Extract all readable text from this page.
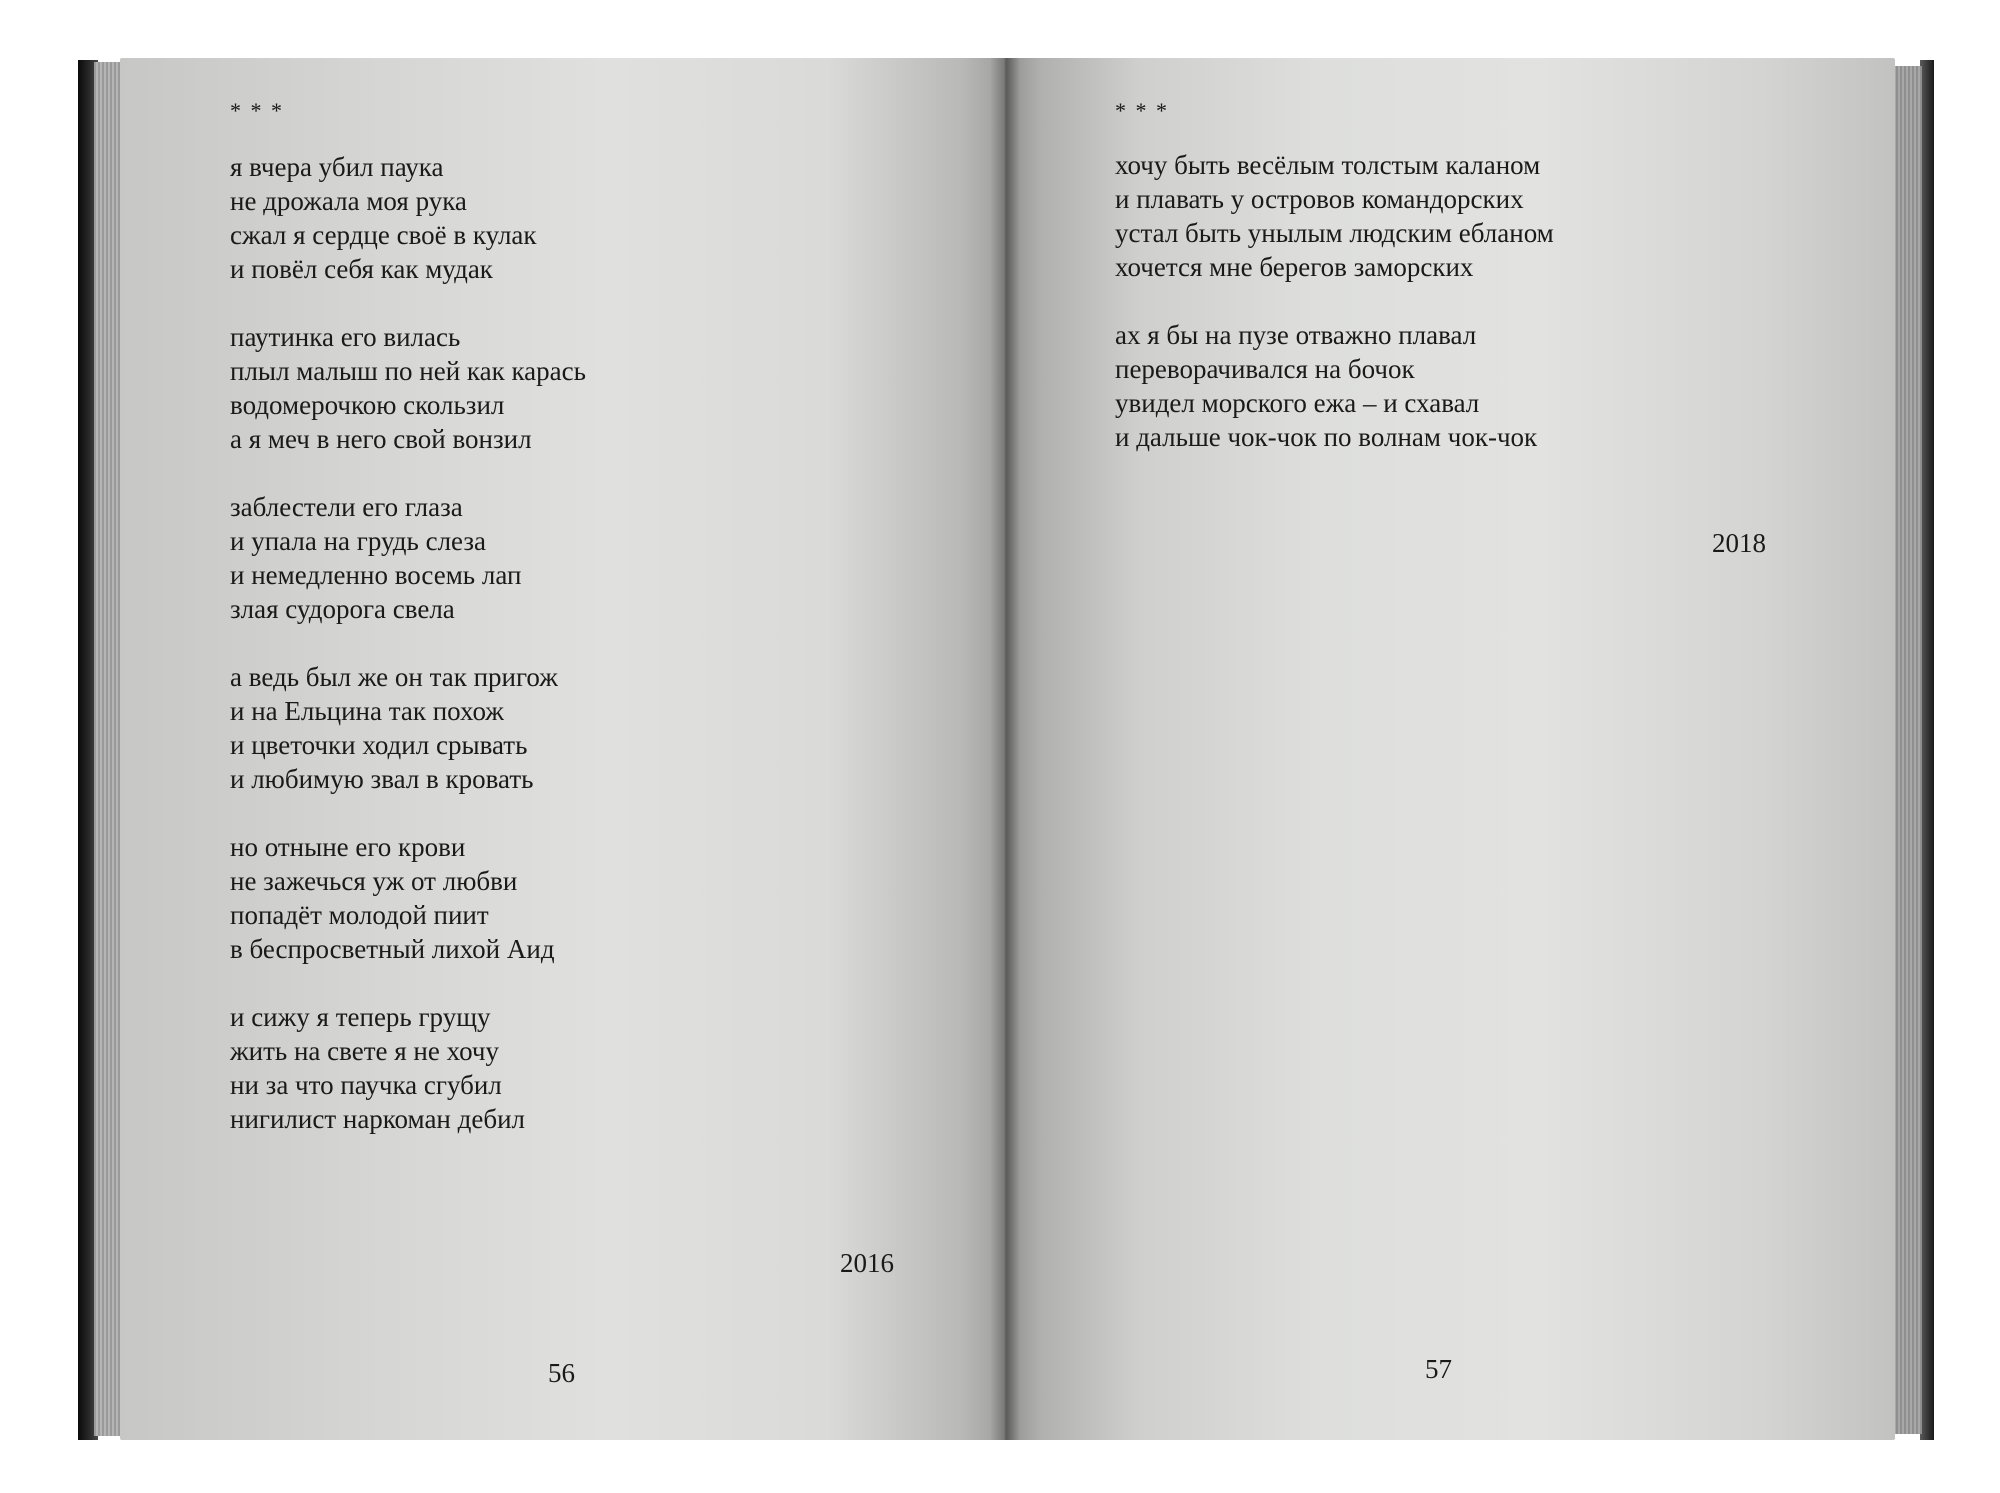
* * *
я вчера убил паука
не дрожала моя рука
сжал я сердце своё в кулак
и повёл себя как мудак
паутинка его вилась
плыл малыш по ней как карась
водомерочкою скользил
а я меч в него свой вонзил
заблестели его глаза
и упала на грудь слеза
и немедленно восемь лап
злая судорога свела
а ведь был же он так пригож
и на Ельцина так похож
и цветочки ходил срывать
и любимую звал в кровать
но отныне его крови
не зажечься уж от любви
попадёт молодой пиит
в беспросветный лихой Аид
и сижу я теперь грущу
жить на свете я не хочу
ни за что паучка сгубил
нигилист наркоман дебил
2016
56
* * *
хочу быть весёлым толстым каланом
и плавать у островов командорских
устал быть унылым людским ебланом
хочется мне берегов заморских
ах я бы на пузе отважно плавал
переворачивался на бочок
увидел морского ежа – и схавал
и дальше чок-чок по волнам чок-чок
2018
57
